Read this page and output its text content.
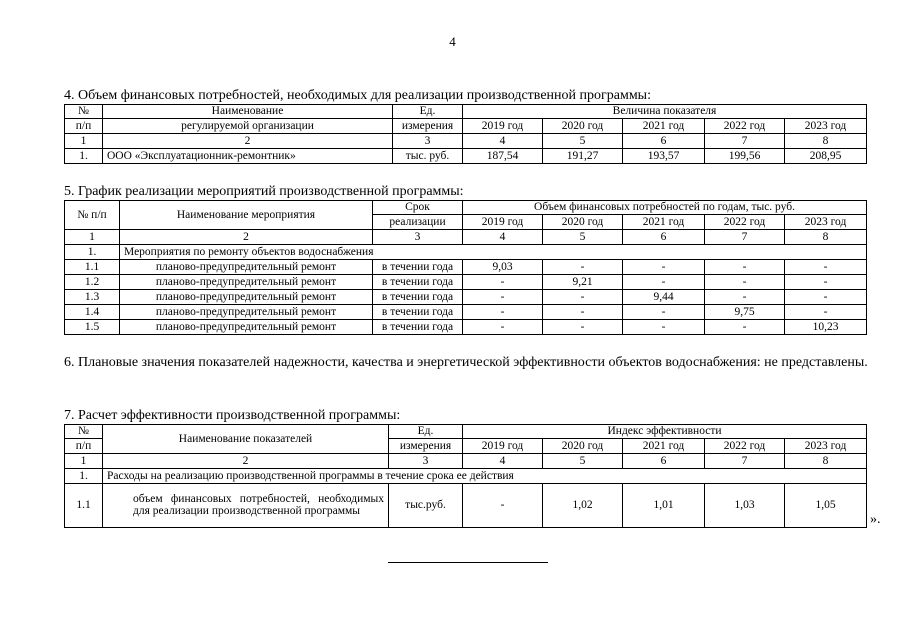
4
4. Объем финансовых потребностей, необходимых для реализации производственной программы:
№	Наименование	Ед.	Величина показателя				
п/п	регулируемой организации	измерения	2019 год	2020 год	2021 год	2022 год	2023 год
1	2	3	4	5	6	7	8
1.	ООО «Эксплуатационник-ремонтник»	тыс. руб.	187,54	191,27	193,57	199,56	208,95
5. График реализации мероприятий производственной программы:
№ п/п	Наименование мероприятия	Срок	Объем финансовых потребностей по годам, тыс. руб.				
		реализации	2019 год	2020 год	2021 год	2022 год	2023 год
1	2	3	4	5	6	7	8
1.	Мероприятия по ремонту объектов водоснабжения						
1.1	планово-предупредительный ремонт	в течении года	9,03	-	-	-	-
1.2	планово-предупредительный ремонт	в течении года	-	9,21	-	-	-
1.3	планово-предупредительный ремонт	в течении года	-	-	9,44	-	-
1.4	планово-предупредительный ремонт	в течении года	-	-	-	9,75	-
1.5	планово-предупредительный ремонт	в течении года	-	-	-	-	10,23
6. Плановые значения показателей надежности, качества и энергетической эффективности объектов водоснабжения: не представлены.
7. Расчет эффективности производственной программы:
№	Наименование показателей	Ед.	Индекс эффективности				
п/п		измерения	2019 год	2020 год	2021 год	2022 год	2023 год
1	2	3	4	5	6	7	8
1.	Расходы на реализацию производственной программы в течение срока ее действия						
1.1	объем финансовых потребностей, необходимых для реализации производственной программы	тыс.руб.	-	1,02	1,01	1,03	1,05
».
